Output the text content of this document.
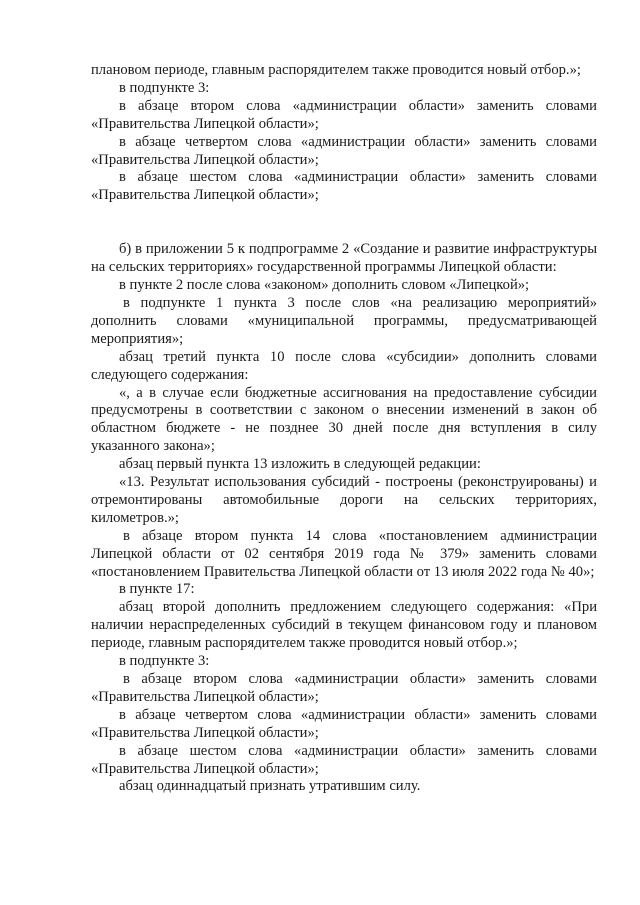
плановом периоде, главным распорядителем также проводится новый отбор.»;

в подпункте 3:

в абзаце втором слова «администрации области» заменить словами «Правительства Липецкой области»;

в абзаце четвертом слова «администрации области» заменить словами «Правительства Липецкой области»;

в абзаце шестом слова «администрации области» заменить словами «Правительства Липецкой области»;

б) в приложении 5 к подпрограмме 2 «Создание и развитие инфраструктуры на сельских территориях» государственной программы Липецкой области:

в пункте 2 после слова «законом» дополнить словом «Липецкой»;

в подпункте 1 пункта 3 после слов «на реализацию мероприятий» дополнить словами «муниципальной программы, предусматривающей мероприятия»;

абзац третий пункта 10 после слова «субсидии» дополнить словами следующего содержания:

«, а в случае если бюджетные ассигнования на предоставление субсидии предусмотрены в соответствии с законом о внесении изменений в закон об областном бюджете - не позднее 30 дней после дня вступления в силу указанного закона»;

абзац первый пункта 13 изложить в следующей редакции:

«13. Результат использования субсидий - построены (реконструированы) и отремонтированы автомобильные дороги на сельских территориях, километров.»;

в абзаце втором пункта 14 слова «постановлением администрации Липецкой области от 02 сентября 2019 года № 379» заменить словами «постановлением Правительства Липецкой области от 13 июля 2022 года № 40»;

в пункте 17:

абзац второй дополнить предложением следующего содержания: «При наличии нераспределенных субсидий в текущем финансовом году и плановом периоде, главным распорядителем также проводится новый отбор.»;

в подпункте 3:

в абзаце втором слова «администрации области» заменить словами «Правительства Липецкой области»;

в абзаце четвертом слова «администрации области» заменить словами «Правительства Липецкой области»;

в абзаце шестом слова «администрации области» заменить словами «Правительства Липецкой области»;

абзац одиннадцатый признать утратившим силу.
